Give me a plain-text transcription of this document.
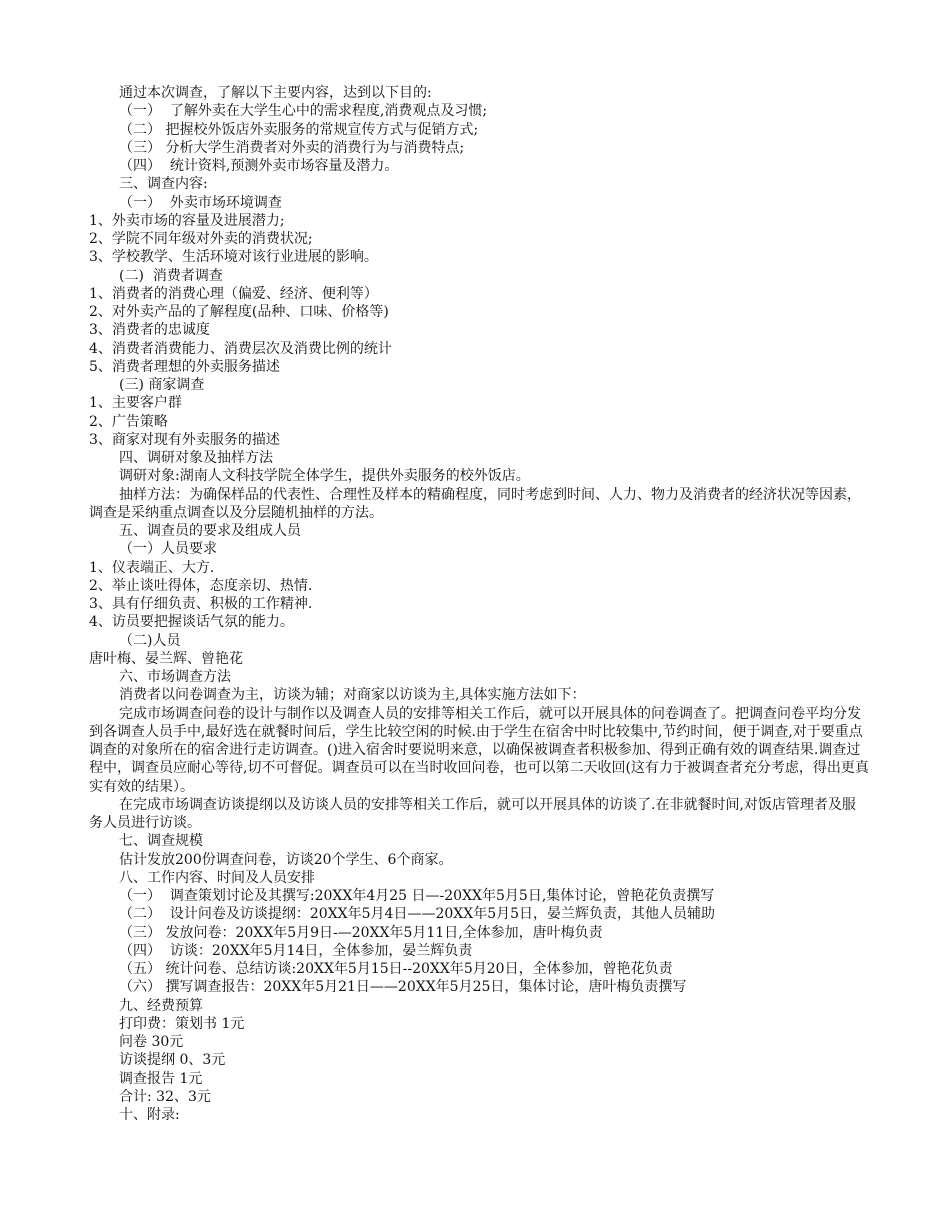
通过本次调查，了解以下主要内容，达到以下目的:

（一）  了解外卖在大学生心中的需求程度,消费观点及习惯;

（二） 把握校外饭店外卖服务的常规宣传方式与促销方式;

（三） 分析大学生消费者对外卖的消费行为与消费特点;

（四）  统计资料,预测外卖市场容量及潜力。

三、调查内容:

（一）  外卖市场环境调查

1、外卖市场的容量及进展潜力;

2、学院不同年级对外卖的消费状况;

3、学校教学、生活环境对该行业进展的影响。

(二)  消费者调查

1、消费者的消费心理（偏爱、经济、便利等）

2、对外卖产品的了解程度(品种、口味、价格等)

3、消费者的忠诚度

4、消费者消费能力、消费层次及消费比例的统计

5、消费者理想的外卖服务描述

(三) 商家调查

1、主要客户群

2、广告策略

3、商家对现有外卖服务的描述

四、调研对象及抽样方法

调研对象:湖南人文科技学院全体学生，提供外卖服务的校外饭店。

抽样方法：为确保样品的代表性、合理性及样本的精确程度，同时考虑到时间、人力、物力及消费者的经济状况等因素，调查是采纳重点调查以及分层随机抽样的方法。

五、调查员的要求及组成人员

（一）人员要求

1、仪表端正、大方.

2、举止谈吐得体，态度亲切、热情.

3、具有仔细负责、积极的工作精神.

4、访员要把握谈话气氛的能力。

（二)人员

唐叶梅、晏兰辉、曾艳花

六、市场调查方法

消费者以问卷调查为主，访谈为辅；对商家以访谈为主,具体实施方法如下：

完成市场调查问卷的设计与制作以及调查人员的安排等相关工作后，就可以开展具体的问卷调查了。把调查问卷平均分发到各调查人员手中,最好选在就餐时间后，学生比较空闲的时候.由于学生在宿舍中时比较集中,节约时间，便于调查,对于要重点调查的对象所在的宿舍进行走访调查。()进入宿舍时要说明来意，以确保被调查者积极参加、得到正确有效的调查结果.调查过程中，调查员应耐心等待,切不可督促。调查员可以在当时收回问卷，也可以第二天收回(这有力于被调查者充分考虑，得出更真实有效的结果）。

在完成市场调查访谈提纲以及访谈人员的安排等相关工作后，就可以开展具体的访谈了.在非就餐时间,对饭店管理者及服务人员进行访谈。

七、调查规模

估计发放200份调查问卷，访谈20个学生、6个商家。

八、工作内容、时间及人员安排

（一）  调查策划讨论及其撰写:20XX年4月25 日—-20XX年5月5日,集体讨论，曾艳花负责撰写

（二）  设计问卷及访谈提纲：20XX年5月4日——20XX年5月5日，晏兰辉负责，其他人员辅助

（三） 发放问卷：20XX年5月9日-—20XX年5月11日,全体参加，唐叶梅负责

（四）  访谈：20XX年5月14日，全体参加，晏兰辉负责

（五） 统计问卷、总结访谈:20XX年5月15日--20XX年5月20日，全体参加，曾艳花负责

（六） 撰写调查报告：20XX年5月21日——20XX年5月25日，集体讨论，唐叶梅负责撰写

九、经费预算

打印费：策划书 1元

问卷 30元

访谈提纲 0、3元

调查报告 1元

合计: 32、3元

十、附录:
